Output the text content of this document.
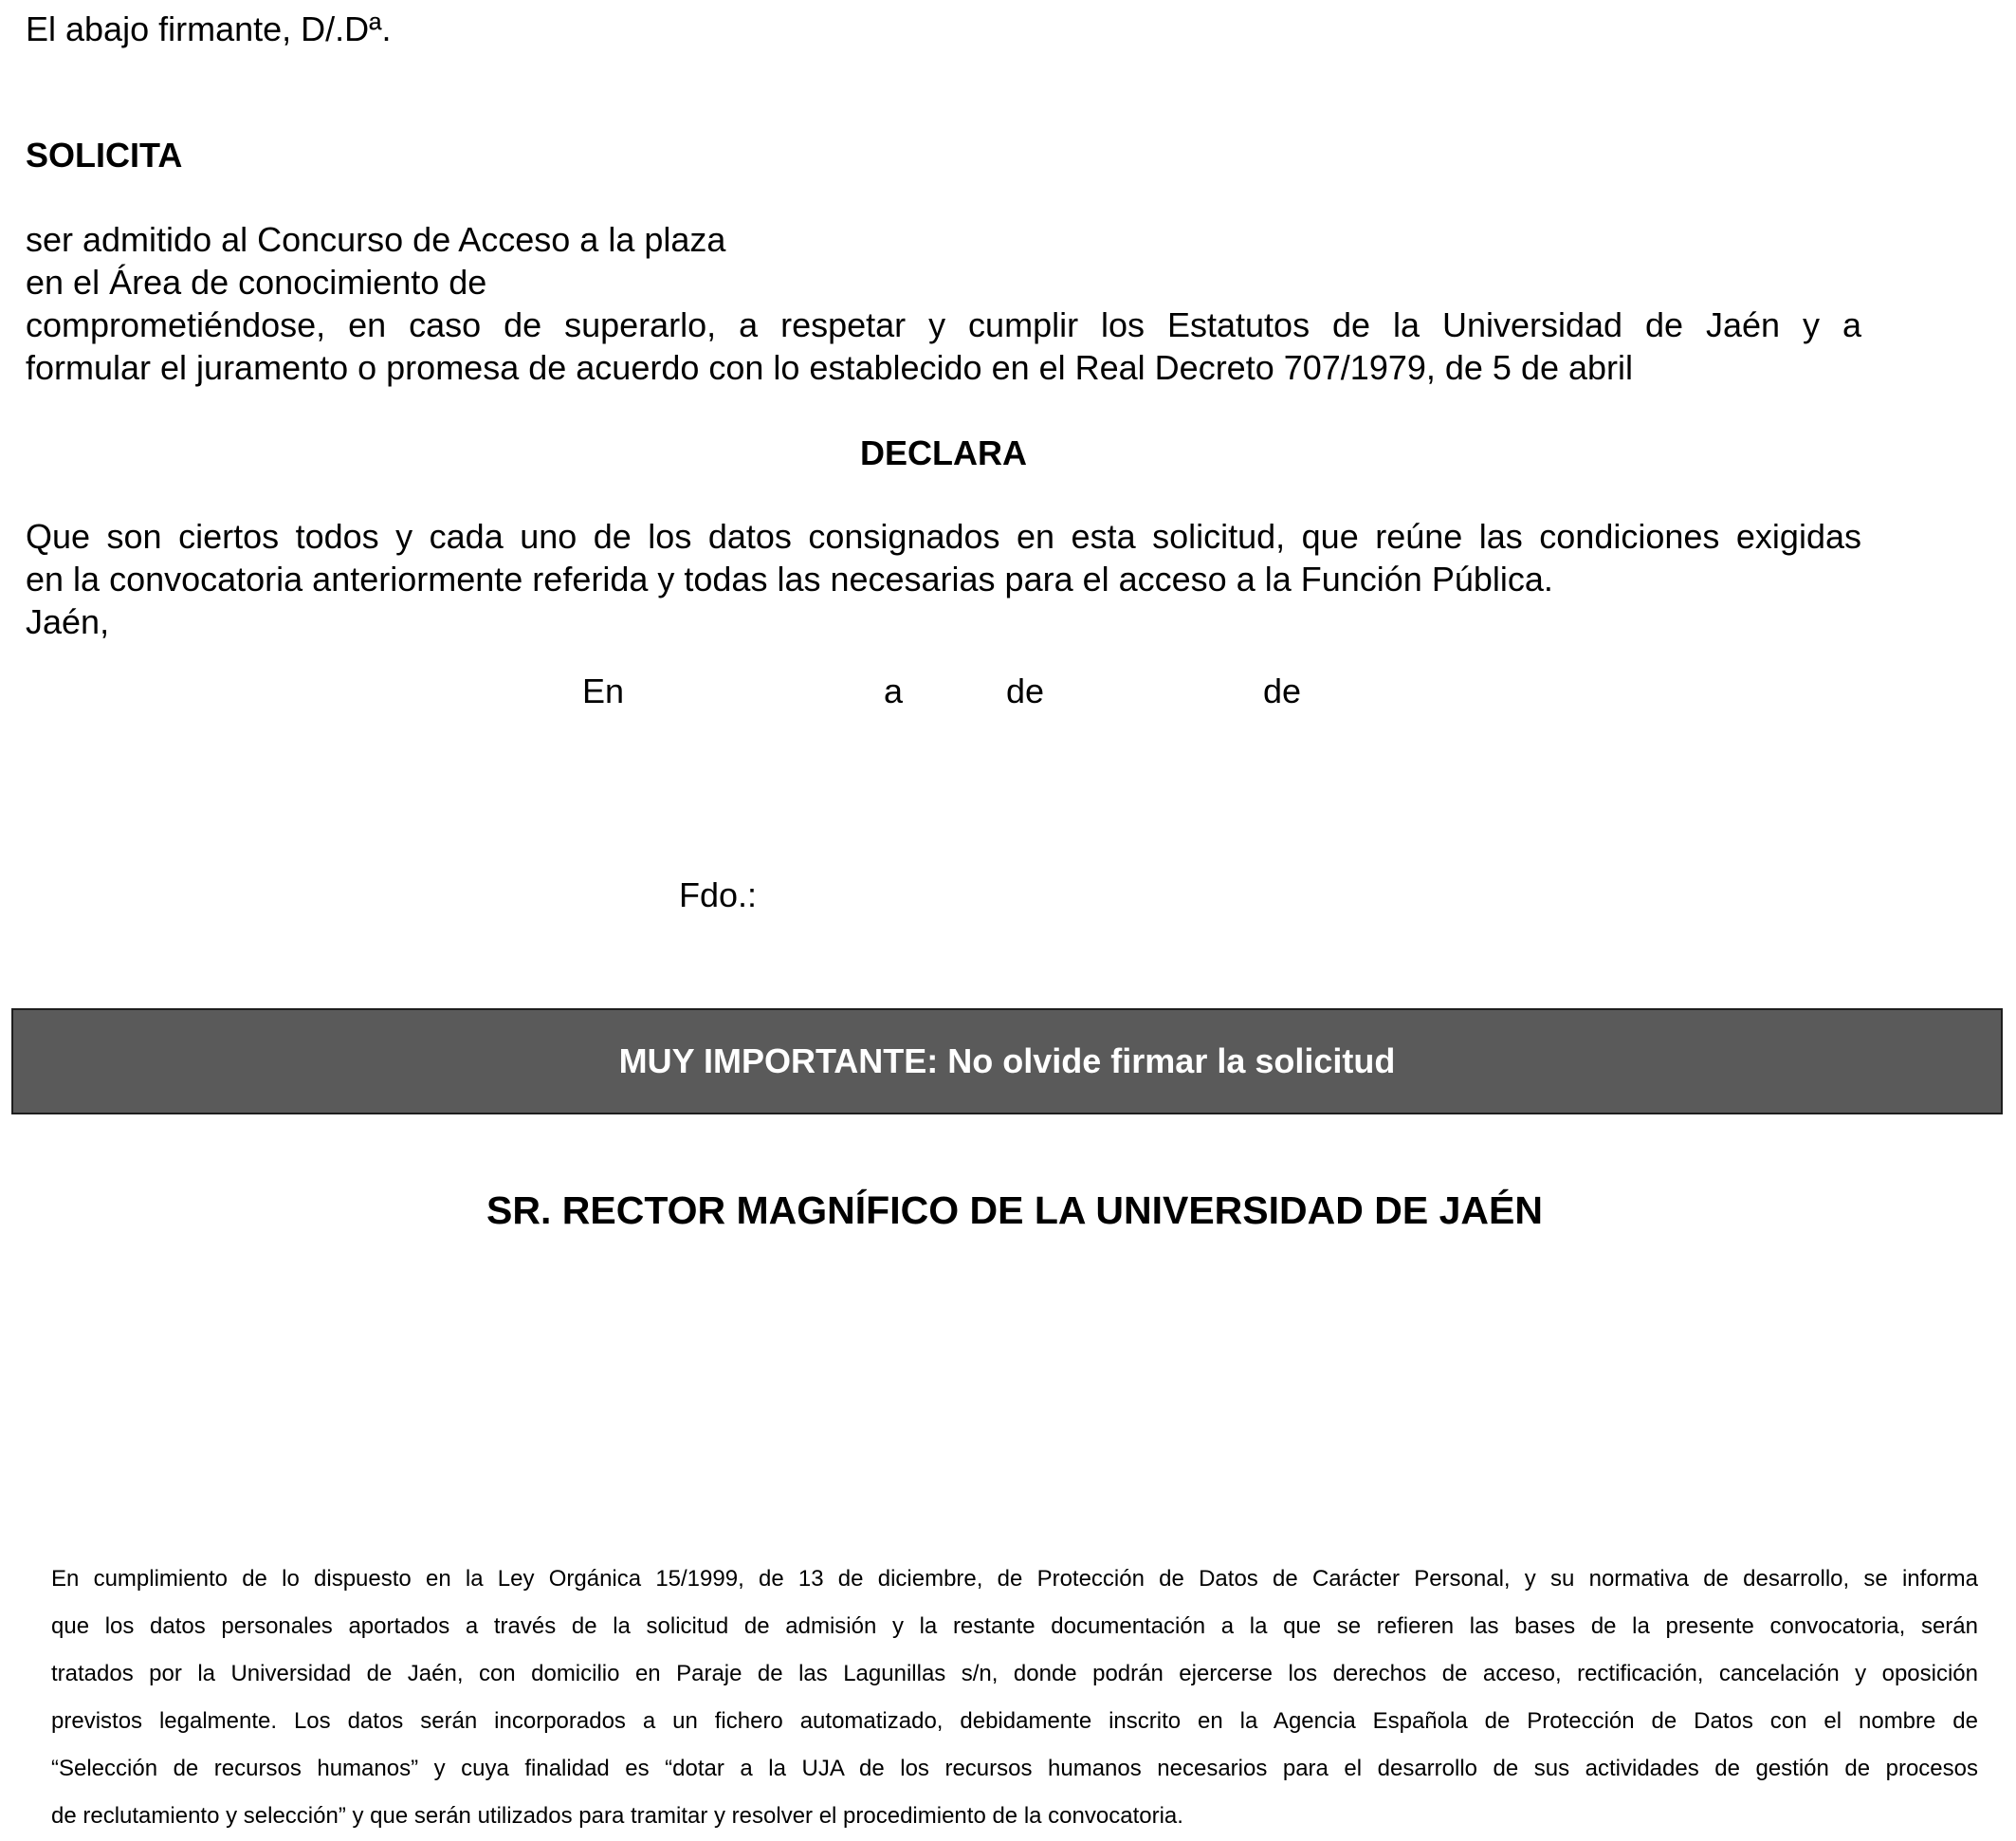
El abajo firmante, D/.Dª.
SOLICITA
ser admitido al Concurso de Acceso a la plaza
en el Área de conocimiento de
comprometiéndose, en caso de superarlo, a respetar y cumplir los Estatutos de la Universidad de Jaén y a
formular el juramento o promesa de acuerdo con lo establecido en el Real Decreto 707/1979, de 5 de abril
DECLARA
Que son ciertos todos y cada uno de los datos consignados en esta solicitud, que reúne las condiciones exigidas
en la convocatoria anteriormente referida y todas las necesarias para el acceso a la Función Pública.
Jaén,
En	a	de	de
Fdo.:
MUY IMPORTANTE: No olvide firmar la solicitud
SR. RECTOR MAGNÍFICO DE LA UNIVERSIDAD DE JAÉN
En cumplimiento de lo dispuesto en la Ley Orgánica 15/1999, de 13 de diciembre, de Protección de Datos de Carácter Personal, y su normativa de desarrollo, se informa
que los datos personales aportados a través de la solicitud de admisión y la restante documentación a la que se refieren las bases de la presente convocatoria, serán
tratados por la Universidad de Jaén, con domicilio en Paraje de las Lagunillas s/n, donde podrán ejercerse los derechos de acceso, rectificación, cancelación y oposición
previstos legalmente. Los datos serán incorporados a un fichero automatizado, debidamente inscrito en la Agencia Española de Protección de Datos con el nombre de
“Selección de recursos humanos” y cuya finalidad es “dotar a la UJA de los recursos humanos necesarios para el desarrollo de sus actividades de gestión de procesos
de reclutamiento y selección” y que serán utilizados para tramitar y resolver el procedimiento de la convocatoria.
